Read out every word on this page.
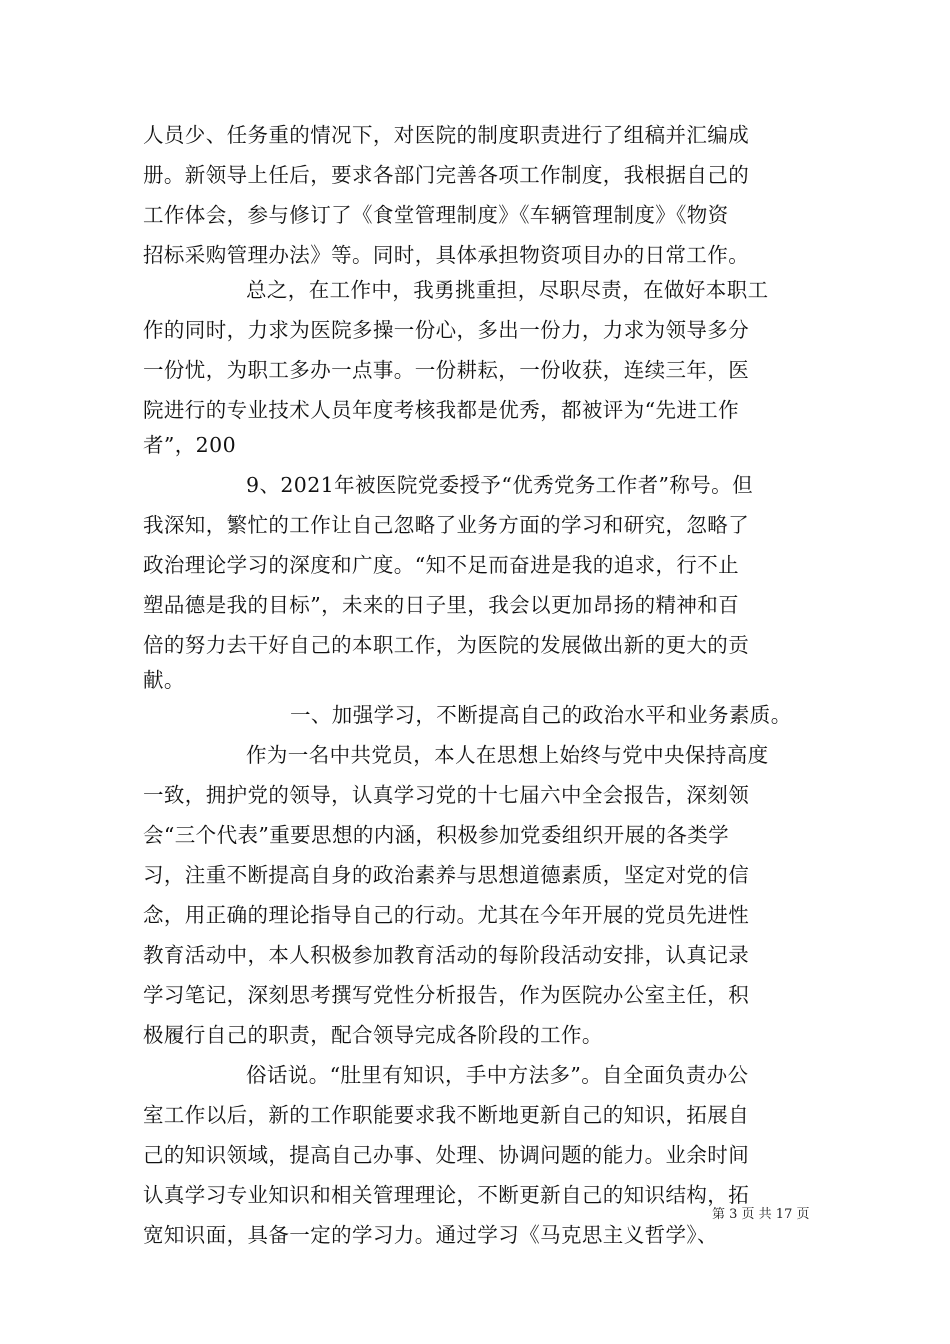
人员少、任务重的情况下，对医院的制度职责进行了组稿并汇编成
册。新领导上任后，要求各部门完善各项工作制度，我根据自己的
工作体会，参与修订了《食堂管理制度》《车辆管理制度》《物资
招标采购管理办法》等。同时，具体承担物资项目办的日常工作。
总之，在工作中，我勇挑重担，尽职尽责，在做好本职工
作的同时，力求为医院多操一份心，多出一份力，力求为领导多分
一份忧，为职工多办一点事。一份耕耘，一份收获，连续三年，医
院进行的专业技术人员年度考核我都是优秀，都被评为“先进工作
者”，200
9、2021年被医院党委授予“优秀党务工作者”称号。但
我深知，繁忙的工作让自己忽略了业务方面的学习和研究，忽略了
政治理论学习的深度和广度。“知不足而奋进是我的追求，行不止
塑品德是我的目标”，未来的日子里，我会以更加昂扬的精神和百
倍的努力去干好自己的本职工作，为医院的发展做出新的更大的贡
献。
一、加强学习，不断提高自己的政治水平和业务素质。
作为一名中共党员，本人在思想上始终与党中央保持高度
一致，拥护党的领导，认真学习党的十七届六中全会报告，深刻领
会“三个代表”重要思想的内涵，积极参加党委组织开展的各类学
习，注重不断提高自身的政治素养与思想道德素质，坚定对党的信
念，用正确的理论指导自己的行动。尤其在今年开展的党员先进性
教育活动中，本人积极参加教育活动的每阶段活动安排，认真记录
学习笔记，深刻思考撰写党性分析报告，作为医院办公室主任，积
极履行自己的职责，配合领导完成各阶段的工作。
俗话说。“肚里有知识，手中方法多”。自全面负责办公
室工作以后，新的工作职能要求我不断地更新自己的知识，拓展自
己的知识领域，提高自己办事、处理、协调问题的能力。业余时间
认真学习专业知识和相关管理理论，不断更新自己的知识结构，拓
宽知识面，具备一定的学习力。通过学习《马克思主义哲学》、
第 3 页 共 17 页
